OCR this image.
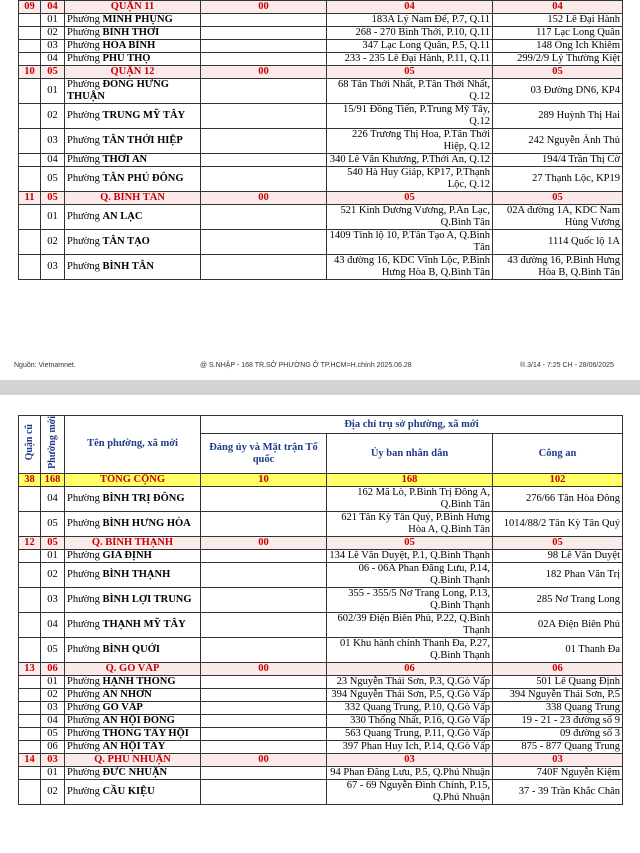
09	04	QUẬN 11	00	04	04
	01	Phường MINH PHỤNG		183A Lý Nam Đế, P.7, Q.11	152 Lê Đại Hành
	02	Phường BÌNH THỚI		268 - 270 Bình Thới, P.10, Q.11	117 Lạc Long Quân
	03	Phường HÒA BÌNH		347 Lạc Long Quân, P.5, Q.11	148 Ông Ích Khiêm
	04	Phường PHÚ THỌ		233 - 235 Lê Đại Hành, P.11, Q.11	299/2/9 Lý Thường Kiệt
10	05	QUẬN 12	00	05	05
	01	Phường ĐÔNG HƯNG THUẬN		68 Tân Thới Nhất, P.Tân Thới Nhất, Q.12	03 Đường DN6, KP4
	02	Phường TRUNG MỸ TÂY		15/91 Đồng Tiến, P.Trung Mỹ Tây, Q.12	289 Huỳnh Thị Hai
	03	Phường TÂN THỚI HIỆP		226 Trương Thị Hoa, P.Tân Thới Hiệp, Q.12	242 Nguyễn Ảnh Thủ
	04	Phường THỚI AN		340 Lê Văn Khương, P.Thới An, Q.12	194/4 Trần Thị Cờ
	05	Phường TÂN PHÚ ĐÔNG		540 Hà Huy Giáp, KP17, P.Thạnh Lộc, Q.12	27 Thạnh Lộc, KP19
11	05	Q. BÌNH TÂN	00	05	05
	01	Phường AN LẠC		521 Kinh Dương Vương, P.An Lạc, Q.Bình Tân	02A đường 1A, KDC Nam Hùng Vương
	02	Phường TÂN TẠO		1409 Tỉnh lộ 10, P.Tân Tạo A, Q.Bình Tân	1114 Quốc lộ 1A
	03	Phường BÌNH TÂN		43 đường 16, KDC Vĩnh Lộc, P.Bình Hưng Hòa B, Q.Bình Tân	43 đường 16, P.Bình Hưng Hòa B, Q.Bình Tân
Nguồn: Vietnamnet.	@ S.NHẬP - 168 TR.SỞ PHƯỜNG Ở TP.HCM=H.chính 2025.06.28	®.3/14 - 7:25 CH - 28/06/2025
Quận cũ	Phường mới	Tên phường, xã mới	Địa chỉ trụ sở phường, xã mới		
			Đảng ủy và Mặt trận Tổ quốc	Ủy ban nhân dân	Công an
38	168	TỔNG CỘNG	10	168	102
	04	Phường BÌNH TRỊ ĐÔNG		162 Mã Lò, P.Bình Trị Đông A, Q.Bình Tân	276/66 Tân Hòa Đông
	05	Phường BÌNH HƯNG HÒA		621 Tân Kỳ Tân Quý, P.Bình Hưng Hòa A, Q.Bình Tân	1014/88/2 Tân Kỳ Tân Quý
12	05	Q. BÌNH THẠNH	00	05	05
	01	Phường GIA ĐỊNH		134 Lê Văn Duyệt, P.1, Q.Bình Thạnh	98 Lê Văn Duyệt
	02	Phường BÌNH THẠNH		06 - 06A Phan Đăng Lưu, P.14, Q.Bình Thạnh	182 Phan Văn Trị
	03	Phường BÌNH LỢI TRUNG		355 - 355/5 Nơ Trang Long, P.13, Q.Bình Thạnh	285 Nơ Trang Long
	04	Phường THẠNH MỸ TÂY		602/39 Điện Biên Phủ, P.22, Q.Bình Thạnh	02A Điện Biên Phủ
	05	Phường BÌNH QUỚI		01 Khu hành chính Thanh Đa, P.27, Q.Bình Thạnh	01 Thanh Đa
13	06	Q. GÒ VẤP	00	06	06
	01	Phường HẠNH THÔNG		23 Nguyễn Thái Sơn, P.3, Q.Gò Vấp	501 Lê Quang Định
	02	Phường AN NHƠN		394 Nguyễn Thái Sơn, P.5, Q.Gò Vấp	394 Nguyễn Thái Sơn, P.5
	03	Phường GÒ VẤP		332 Quang Trung, P.10, Q.Gò Vấp	338 Quang Trung
	04	Phường AN HỘI ĐÔNG		330 Thống Nhất, P.16, Q.Gò Vấp	19 - 21 - 23 đường số 9
	05	Phường THÔNG TÂY HỘI		563 Quang Trung, P.11, Q.Gò Vấp	09 đường số 3
	06	Phường AN HỘI TÂY		397 Phan Huy Ích, P.14, Q.Gò Vấp	875 - 877 Quang Trung
14	03	Q. PHÚ NHUẬN	00	03	03
	01	Phường ĐỨC NHUẬN		94 Phan Đăng Lưu, P.5, Q.Phú Nhuận	740F Nguyễn Kiệm
	02	Phường CẦU KIỆU		67 - 69 Nguyễn Đình Chính, P.15, Q.Phú Nhuận	37 - 39 Trần Khắc Chân
